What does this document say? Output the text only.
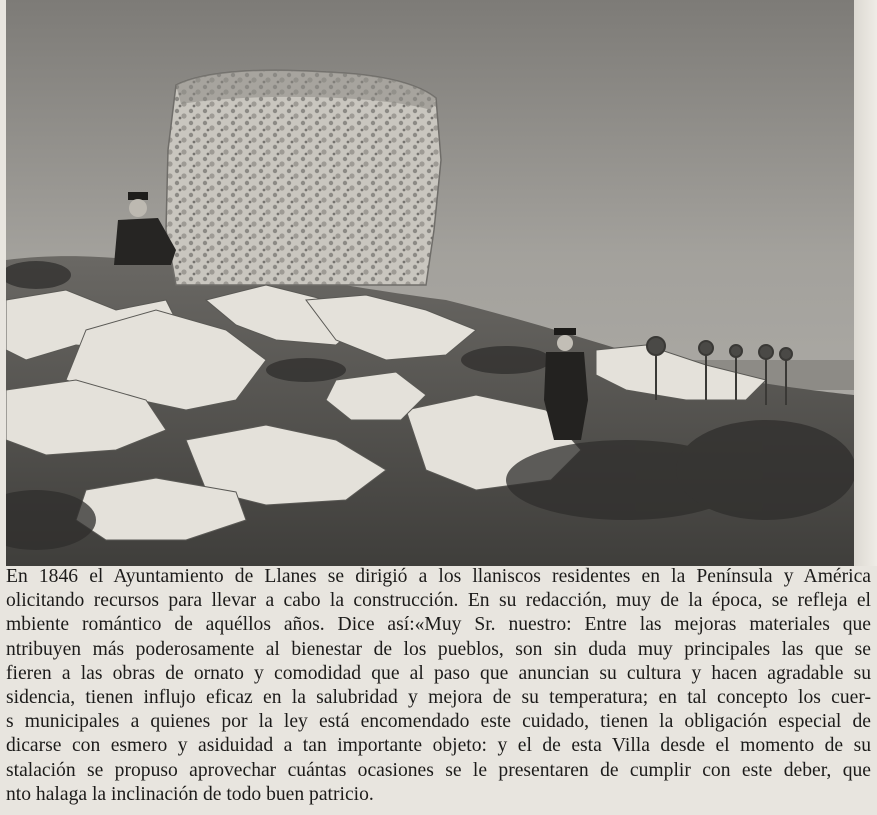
En 1846 el Ayuntamiento de Llanes se dirigió a los llaniscos residentes en la Península y América
olicitando recursos para llevar a cabo la construcción. En su redacción, muy de la época, se refleja el
mbiente romántico de aquéllos años. Dice así:«Muy Sr. nuestro: Entre las mejoras materiales que
ntribuyen más poderosamente al bienestar de los pueblos, son sin duda muy principales las que se
fieren a las obras de ornato y comodidad que al paso que anuncian su cultura y hacen agradable su
sidencia, tienen influjo eficaz en la salubridad y mejora de su temperatura; en tal concepto los cuer-
s municipales a quienes por la ley está encomendado este cuidado, tienen la obligación especial de
dicarse con esmero y asiduidad a tan importante objeto: y el de esta Villa desde el momento de su
stalación se propuso aprovechar cuántas ocasiones se le presentaren de cumplir con este deber, que
nto halaga la inclinación de todo buen patricio.
